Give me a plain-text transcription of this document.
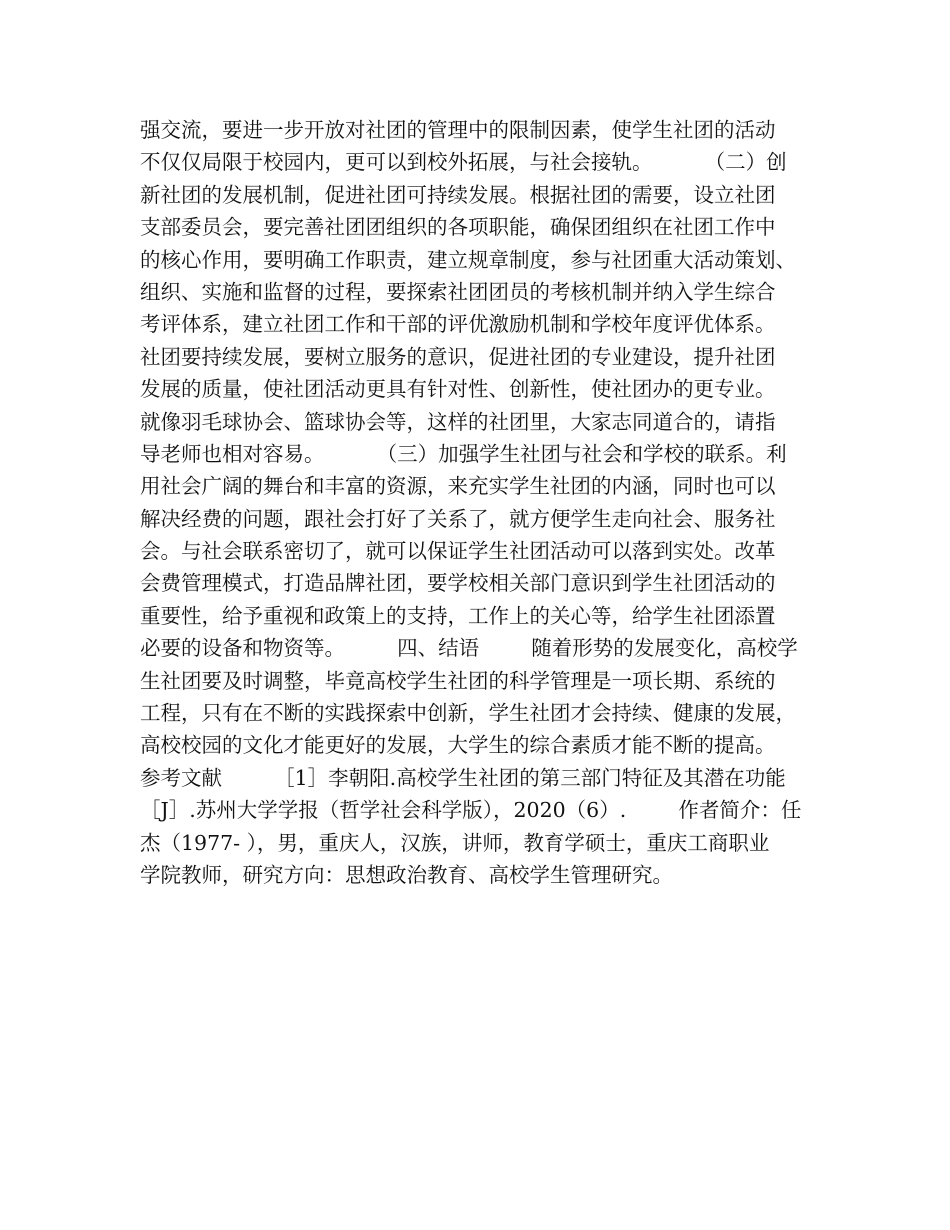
强交流，要进一步开放对社团的管理中的限制因素，使学生社团的活动
不仅仅局限于校园内，更可以到校外拓展，与社会接轨。        （二）创
新社团的发展机制，促进社团可持续发展。根据社团的需要，设立社团
支部委员会，要完善社团团组织的各项职能，确保团组织在社团工作中
的核心作用，要明确工作职责，建立规章制度，参与社团重大活动策划、
组织、实施和监督的过程，要探索社团团员的考核机制并纳入学生综合
考评体系，建立社团工作和干部的评优激励机制和学校年度评优体系。
社团要持续发展，要树立服务的意识，促进社团的专业建设，提升社团
发展的质量，使社团活动更具有针对性、创新性，使社团办的更专业。
就像羽毛球协会、篮球协会等，这样的社团里，大家志同道合的，请指
导老师也相对容易。        （三）加强学生社团与社会和学校的联系。利
用社会广阔的舞台和丰富的资源，来充实学生社团的内涵，同时也可以
解决经费的问题，跟社会打好了关系了，就方便学生走向社会、服务社
会。与社会联系密切了，就可以保证学生社团活动可以落到实处。改革
会费管理模式，打造品牌社团，要学校相关部门意识到学生社团活动的
重要性，给予重视和政策上的支持，工作上的关心等，给学生社团添置
必要的设备和物资等。        四、结语        随着形势的发展变化，高校学
生社团要及时调整，毕竟高校学生社团的科学管理是一项长期、系统的
工程，只有在不断的实践探索中创新，学生社团才会持续、健康的发展，
高校校园的文化才能更好的发展，大学生的综合素质才能不断的提高。
参考文献        ［1］李朝阳.高校学生社团的第三部门特征及其潜在功能
［J］.苏州大学学报（哲学社会科学版），2020（6）.        作者简介：任
杰（1977- ），男，重庆人，汉族，讲师，教育学硕士，重庆工商职业
学院教师，研究方向：思想政治教育、高校学生管理研究。
